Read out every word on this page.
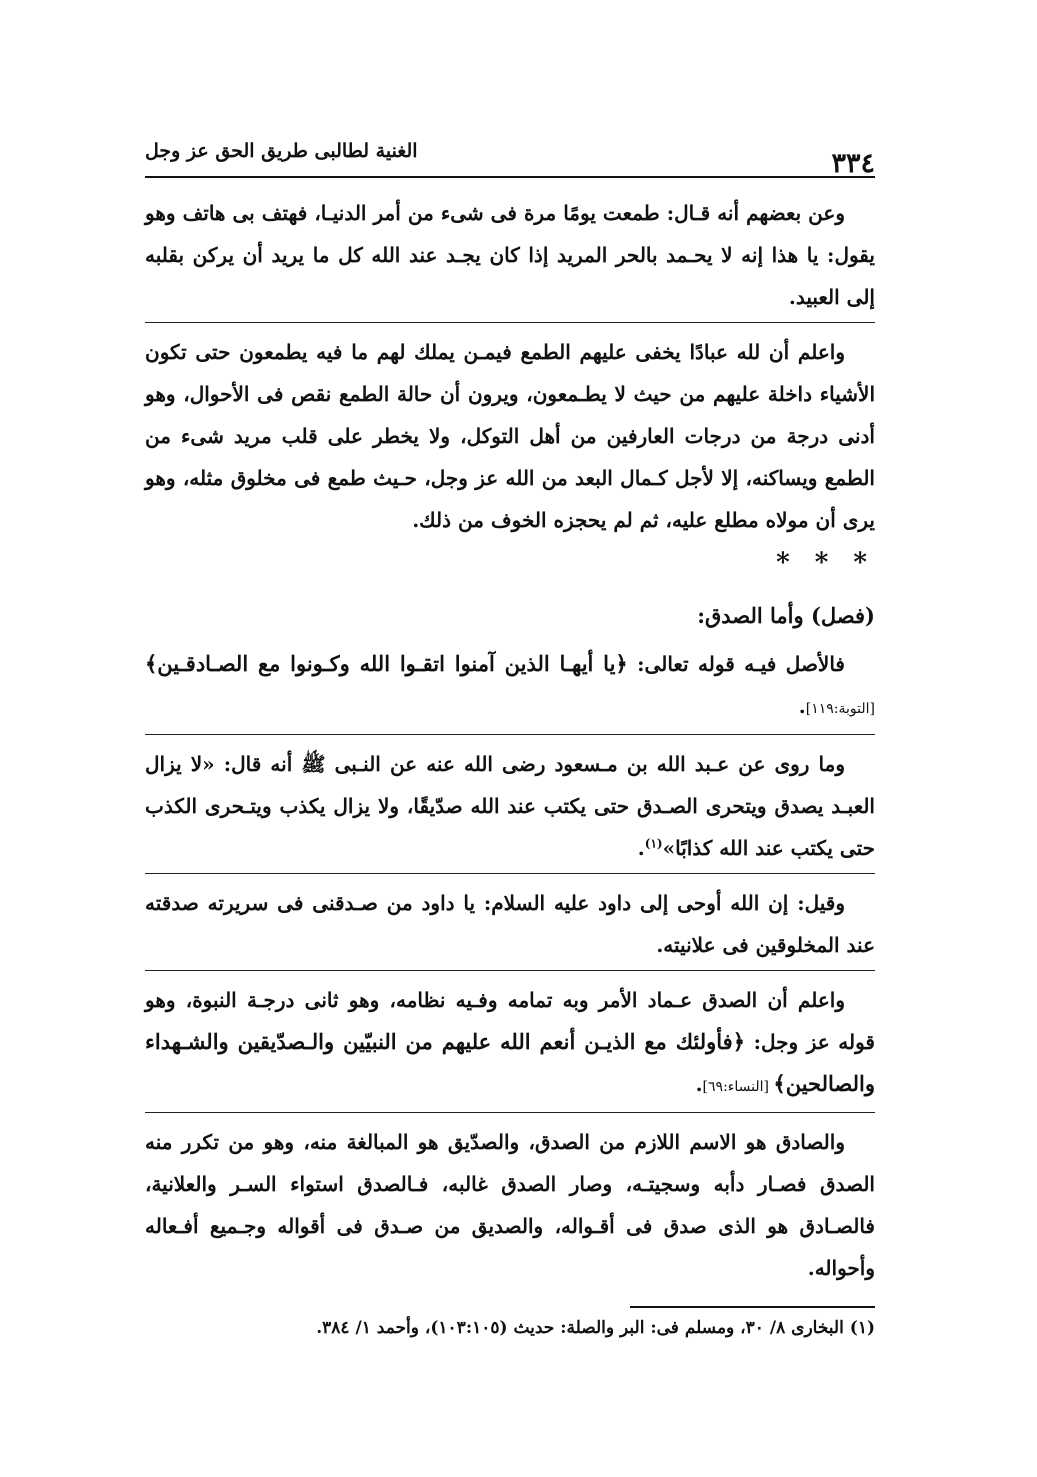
الغنية لطالبى طريق الحق عز وجل	٣٣٤

وعن بعضهم أنه قـال: طمعت يومًا مرة فى شىء من أمر الدنيـا، فهتف بى هاتف وهو يقول: يا هذا إنه لا يحـمد بالحر المريد إذا كان يجـد عند الله كل ما يريد أن يركن بقلبه إلى العبيد.

واعلم أن لله عبادًا يخفى عليهم الطمع فيمـن يملك لهم ما فيه يطمعون حتى تكون الأشياء داخلة عليهم من حيث لا يطـمعون، ويرون أن حالة الطمع نقص فى الأحوال، وهو أدنى درجة من درجات العارفين من أهل التوكل، ولا يخطر على قلب مريد شىء من الطمع ويساكنه، إلا لأجل كـمال البعد من الله عز وجل، حـيث طمع فى مخلوق مثله، وهو يرى أن مولاه مطلع عليه، ثم لم يحجزه الخوف من ذلك.

* * *

(فصل) وأما الصدق:

فالأصل فيـه قوله تعالى: ﴿يا أيهـا الذين آمنوا اتقـوا الله وكـونوا مع الصـادقـين﴾ [التوبة:١١٩].

وما روى عن عـبد الله بن مـسعود رضى الله عنه عن النـبى ﷺ أنه قال: «لا يزال العبـد يصدق ويتحرى الصـدق حتى يكتب عند الله صدّيقًا، ولا يزال يكذب ويتـحرى الكذب حتى يكتب عند الله كذابًا»$^{(١)}$.

وقيل: إن الله أوحى إلى داود عليه السلام: يا داود من صـدقنى فى سريرته صدقته عند المخلوقين فى علانيته.

واعلم أن الصدق عـماد الأمر وبه تمامه وفـيه نظامه، وهو ثانى درجـة النبوة، وهو قوله عز وجل: ﴿فأولئك مع الذيـن أنعم الله عليهم من النبيّين والـصدّيقين والشـهداء والصالحين﴾ [النساء:٦٩].

والصادق هو الاسم اللازم من الصدق، والصدّيق هو المبالغة منه، وهو من تكرر منه الصدق فصـار دأبه وسجيتـه، وصار الصدق غالبه، فـالصدق استواء السـر والعلانية، فالصـادق هو الذى صدق فى أقـواله، والصديق من صـدق فى أقواله وجـميع أفـعاله وأحواله.

(١) البخارى ٨/ ٣٠، ومسلم فى: البر والصلة: حديث (١٠٣:١٠٥)، وأحمد ١/ ٣٨٤.
